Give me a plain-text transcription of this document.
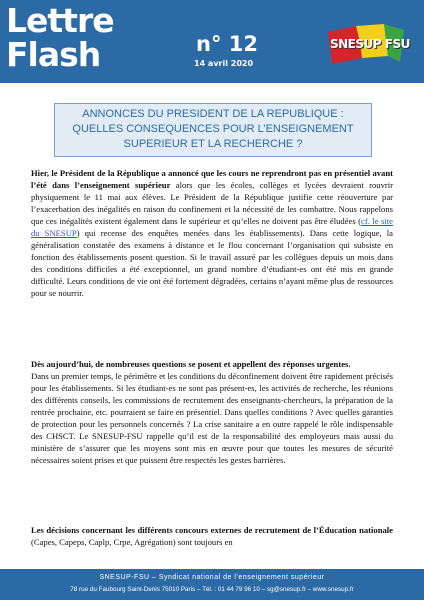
Lettre
Flash	n° 12
14 avril 2020
SNESUP FSU
ANNONCES DU PRESIDENT DE LA REPUBLIQUE :
QUELLES CONSEQUENCES POUR L’ENSEIGNEMENT
SUPERIEUR ET LA RECHERCHE ?

Hier, le Président de la République a annoncé que les cours ne reprendront pas en présentiel avant l’été dans l’enseignement supérieur alors que les écoles, collèges et lycées devraient rouvrir physiquement le 11 mai aux élèves. Le Président de la République justifie cette réouverture par l’exacerbation des inégalités en raison du confinement et la nécessité de les combattre. Nous rappelons que ces inégalités existent également dans le supérieur et qu’elles ne doivent pas être éludées (cf. le site du SNESUP) qui recense des enquêtes menées dans les établissements). Dans cette logique, la généralisation constatée des examens à distance et le flou concernant l’organisation qui subsiste en fonction des établissements posent question. Si le travail assuré par les collègues depuis un mois dans des conditions difficiles a été exceptionnel, un grand nombre d’étudiant-es ont été mis en grande difficulté. Leurs conditions de vie ont été fortement dégradées, certains n’ayant même plus de ressources pour se nourrir.

Dès aujourd’hui, de nombreuses questions se posent et appellent des réponses urgentes.

Dans un premier temps, le périmètre et les conditions du déconfinement doivent être rapidement précisés pour les établissements. Si les étudiant-es ne sont pas présent-es, les activités de recherche, les réunions des différents conseils, les commissions de recrutement des enseignants-chercheurs, la préparation de la rentrée prochaine, etc. pourraient se faire en présentiel. Dans quelles conditions ? Avec quelles garanties de protection pour les personnels concernés ? La crise sanitaire a en outre rappelé le rôle indispensable des CHSCT. Le SNESUP-FSU rappelle qu’il est de la responsabilité des employeurs mais aussi du ministère de s’assurer que les moyens sont mis en œuvre pour que toutes les mesures de sécurité nécessaires soient prises et que puissent être respectés les gestes barrières.

Les décisions concernant les différents concours externes de recrutement de l’Éducation nationale (Capes, Capeps, Caplp, Crpe, Agrégation) sont toujours en

SNESUP-FSU – Syndicat national de l’enseignement supérieur
78 rue du Faubourg Saint-Denis 75010 Paris – Tél. : 01 44 79 96 10 – sg@snesup.fr – www.snesup.fr
